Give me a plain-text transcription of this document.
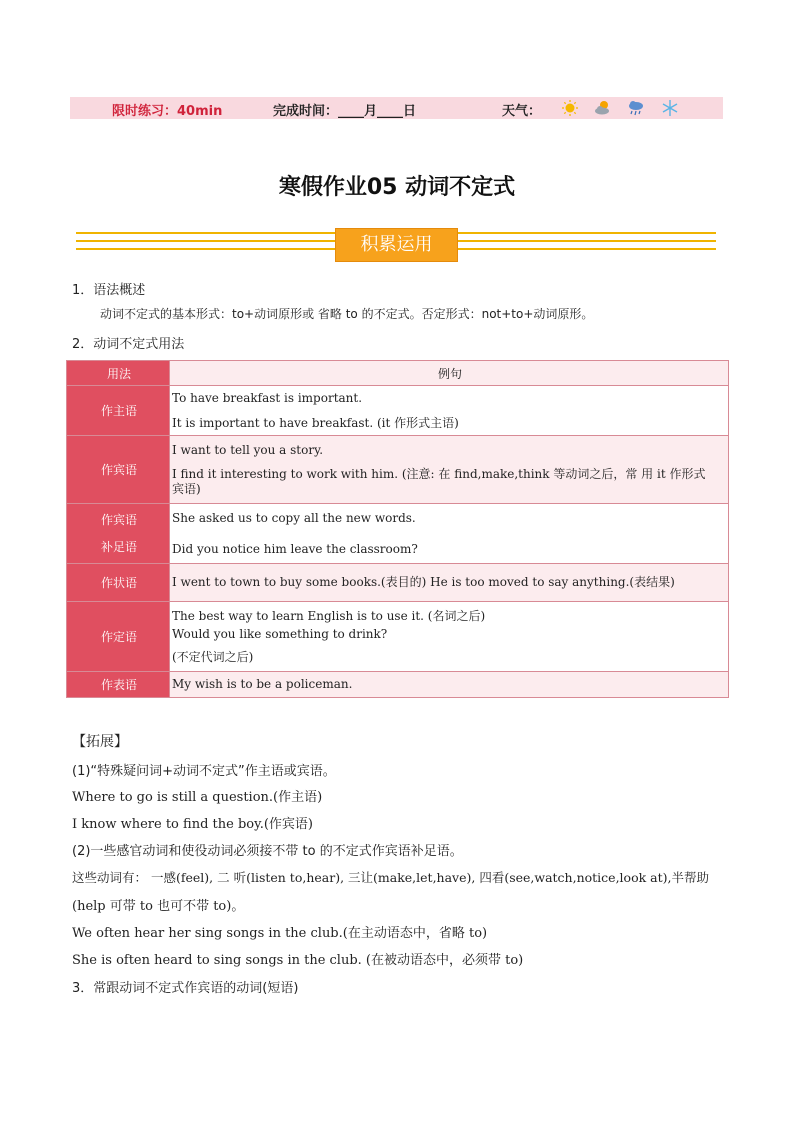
限时练习：40min	完成时间：____月____日	天气：
寒假作业05 动词不定式
积累运用
1．语法概述
动词不定式的基本形式：to+动词原形或 省略 to 的不定式。否定形式：not+to+动词原形。
2．动词不定式用法
用法	例句
作主语	To have breakfast is important.
It is important to have breakfast. (it 作形式主语)

作宾语	I want to tell you a story.
I find it interesting to work with him. (注意: 在 find,make,think 等动词之后，常 用 it 作形式
宾语)

作宾语
补足语	She asked us to copy all the new words.
Did you notice him leave the classroom?

作状语	I went to town to buy some books.(表目的) He is too moved to say anything.(表结果)

作定语	The best way to learn English is to use it. (名词之后)
Would you like something to drink?
(不定代词之后)

作表语	My wish is to be a policeman.
【拓展】
(1)“特殊疑问词+动词不定式”作主语或宾语。
Where to go is still a question.(作主语)
I know where to find the boy.(作宾语)
(2)一些感官动词和使役动词必须接不带 to 的不定式作宾语补足语。
这些动词有： 一感(feel), 二 听(listen to,hear), 三让(make,let,have), 四看(see,watch,notice,look at),半帮助
(help 可带 to 也可不带 to)。
We often hear her sing songs in the club.(在主动语态中，省略 to)
She is often heard to sing songs in the club. (在被动语态中，必须带 to)
3．常跟动词不定式作宾语的动词(短语)
